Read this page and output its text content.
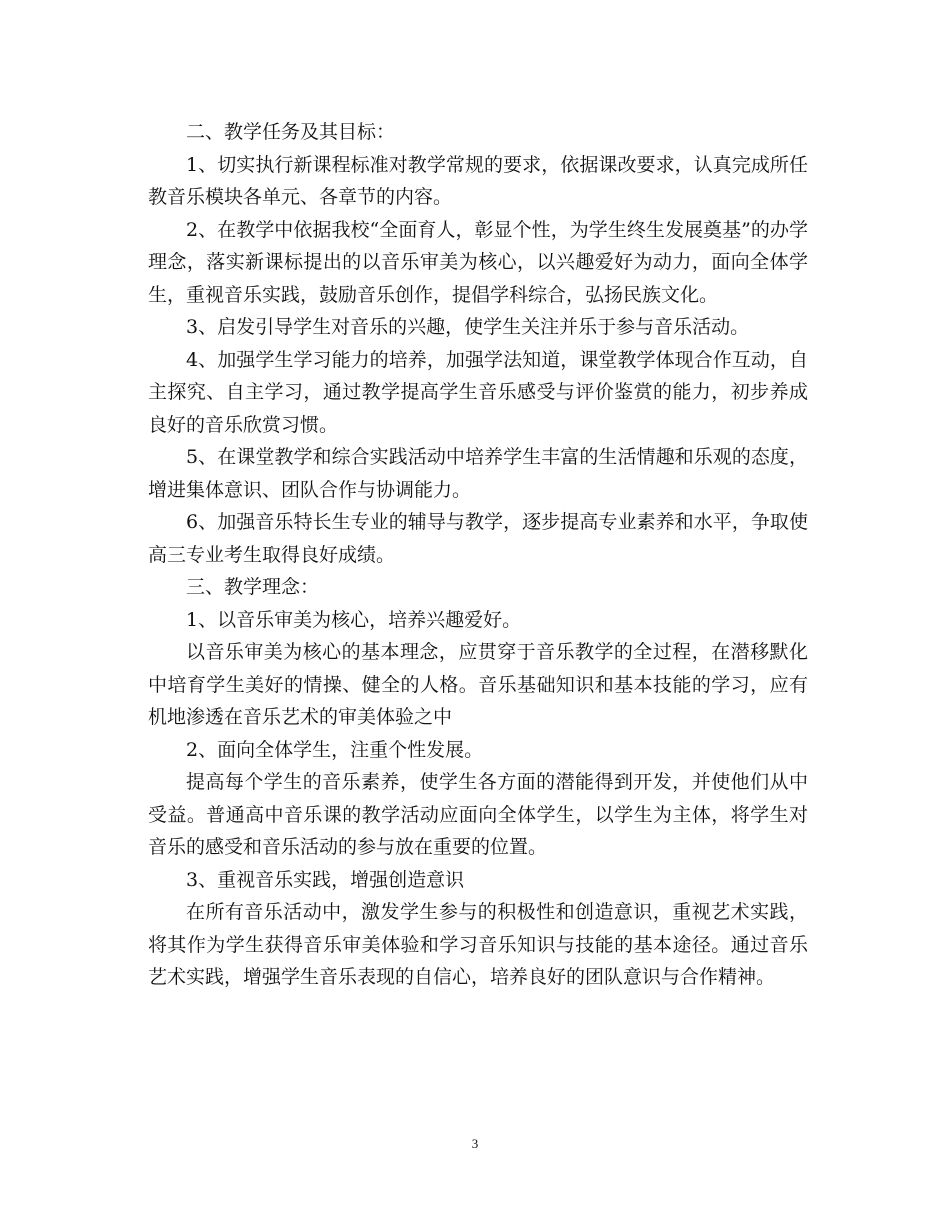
二、教学任务及其目标：

1、切实执行新课程标准对教学常规的要求，依据课改要求，认真完成所任教音乐模块各单元、各章节的内容。

2、在教学中依据我校“全面育人，彰显个性，为学生终生发展奠基”的办学理念，落实新课标提出的以音乐审美为核心，以兴趣爱好为动力，面向全体学生，重视音乐实践，鼓励音乐创作，提倡学科综合，弘扬民族文化。

3、启发引导学生对音乐的兴趣，使学生关注并乐于参与音乐活动。

4、加强学生学习能力的培养，加强学法知道，课堂教学体现合作互动，自主探究、自主学习，通过教学提高学生音乐感受与评价鉴赏的能力，初步养成良好的音乐欣赏习惯。

5、在课堂教学和综合实践活动中培养学生丰富的生活情趣和乐观的态度，增进集体意识、团队合作与协调能力。

6、加强音乐特长生专业的辅导与教学，逐步提高专业素养和水平，争取使高三专业考生取得良好成绩。

三、教学理念：

1、以音乐审美为核心，培养兴趣爱好。

以音乐审美为核心的基本理念，应贯穿于音乐教学的全过程，在潜移默化中培育学生美好的情操、健全的人格。音乐基础知识和基本技能的学习，应有机地渗透在音乐艺术的审美体验之中

2、面向全体学生，注重个性发展。

提高每个学生的音乐素养，使学生各方面的潜能得到开发，并使他们从中受益。普通高中音乐课的教学活动应面向全体学生，以学生为主体，将学生对音乐的感受和音乐活动的参与放在重要的位置。

3、重视音乐实践，增强创造意识

在所有音乐活动中，激发学生参与的积极性和创造意识，重视艺术实践，将其作为学生获得音乐审美体验和学习音乐知识与技能的基本途径。通过音乐艺术实践，增强学生音乐表现的自信心，培养良好的团队意识与合作精神。

3
